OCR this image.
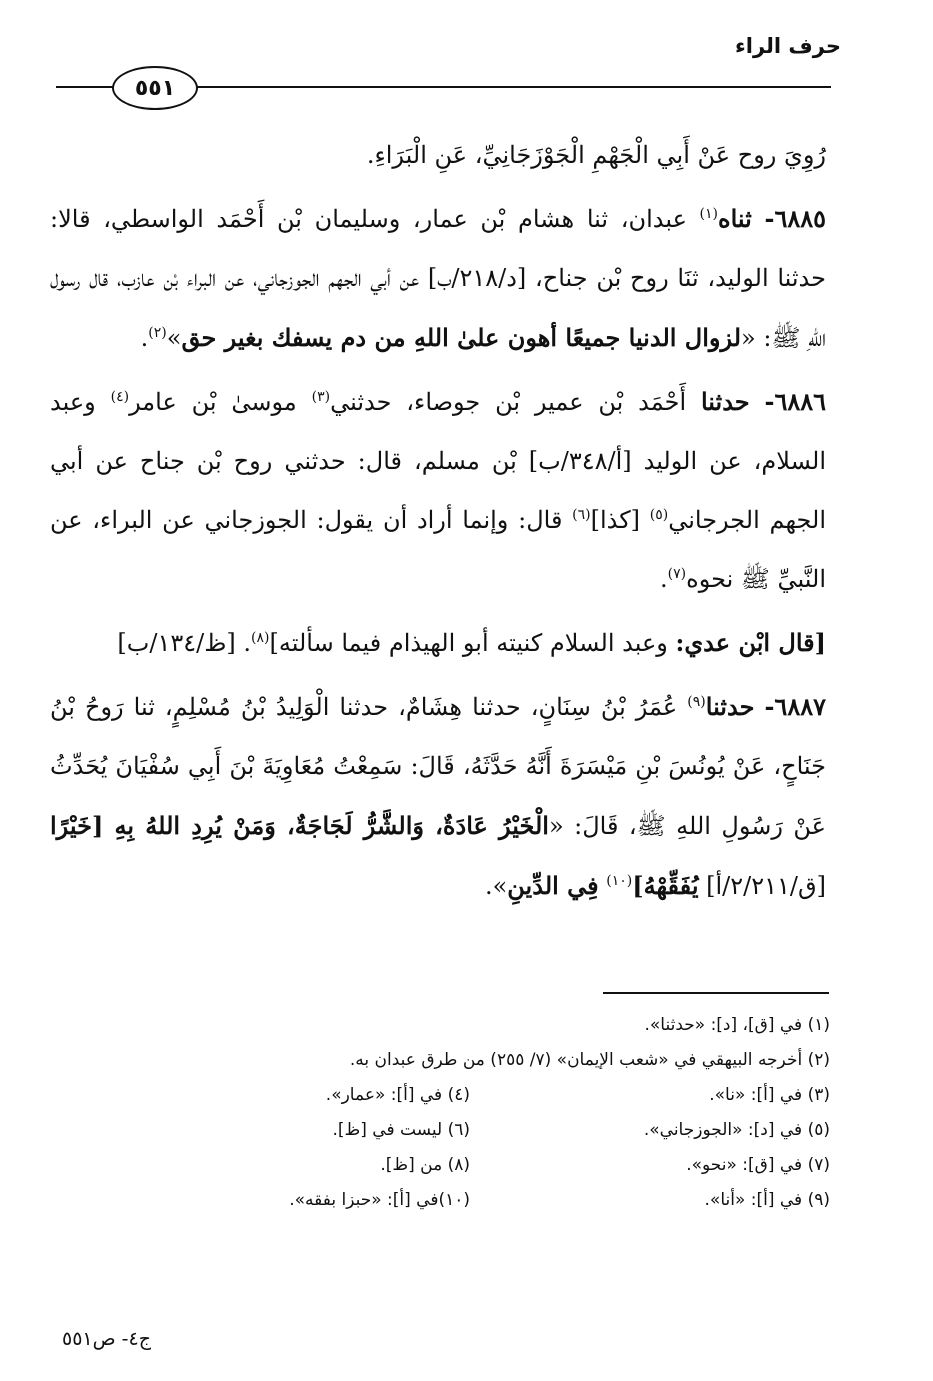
حرف الراء
٥٥١

رُوِيَ روح عَنْ أَبِي الْجَهْمِ الْجَوْزَجَانِيِّ، عَنِ الْبَرَاءِ.

٦٨٨٥- ثناه$^{(١)}$ عبدان، ثنا هشام بْن عمار، وسليمان بْن أَحْمَد الواسطي، قالا: حدثنا الوليد، ثنَا روح بْن جناح، [د/٢١٨/ب] عن أبي الجهم الجوزجاني، عن البراء بْن عازب، قال رسول اللهِ ﷺ: «لزوال الدنيا جميعًا أهون علىٰ اللهِ من دم يسفك بغير حق»$^{(٢)}$.

٦٨٨٦- حدثنا أَحْمَد بْن عمير بْن جوصاء، حدثني$^{(٣)}$ موسىٰ بْن عامر$^{(٤)}$ وعبد السلام، عن الوليد [أ/٣٤٨/ب] بْن مسلم، قال: حدثني روح بْن جناح عن أبي الجهم الجرجاني$^{(٥)}$ [كذا]$^{(٦)}$ قال: وإنما أراد أن يقول: الجوزجاني عن البراء، عن النَّبيِّ ﷺ نحوه$^{(٧)}$.

[قال ابْن عدي: وعبد السلام كنيته أبو الهيذام فيما سألته]$^{(٨)}$. [ظ/١٣٤/ب]

٦٨٨٧- حدثنا$^{(٩)}$ عُمَرُ بْنُ سِنَانٍ، حدثنا هِشَامٌ، حدثنا الْوَلِيدُ بْنُ مُسْلِمٍ، ثنا رَوحُ بْنُ جَنَاحٍ، عَنْ يُونُسَ بْنِ مَيْسَرَةَ أَنَّهُ حَدَّثَهُ، قَالَ: سَمِعْتُ مُعَاوِيَةَ بْنَ أَبِي سُفْيَانَ يُحَدِّثُ عَنْ رَسُولِ اللهِ ﷺ، قَالَ: «الْخَيْرُ عَادَةٌ، وَالشَّرُّ لَجَاجَةٌ، وَمَنْ يُرِدِ اللهُ بِهِ [خَيْرًا [ق/٢/٢١١/أ] يُفَقِّهْهُ]$^{(١٠)}$ فِي الدِّينِ».

(١) في [ق]، [د]: «حدثنا».

(٢) أخرجه البيهقي في «شعب الإيمان» (٧/ ٢٥٥) من طرق عبدان به.

(٣) في [أ]: «نا».
(٤) في [أ]: «عمار».
(٥) في [د]: «الجوزجاني».
(٦) ليست في [ظ].
(٧) في [ق]: «نحو».
(٨) من [ظ].
(٩) في [أ]: «أنا».
(١٠)في [أ]: «حبزا بفقه».
ج٤- ص٥٥١
